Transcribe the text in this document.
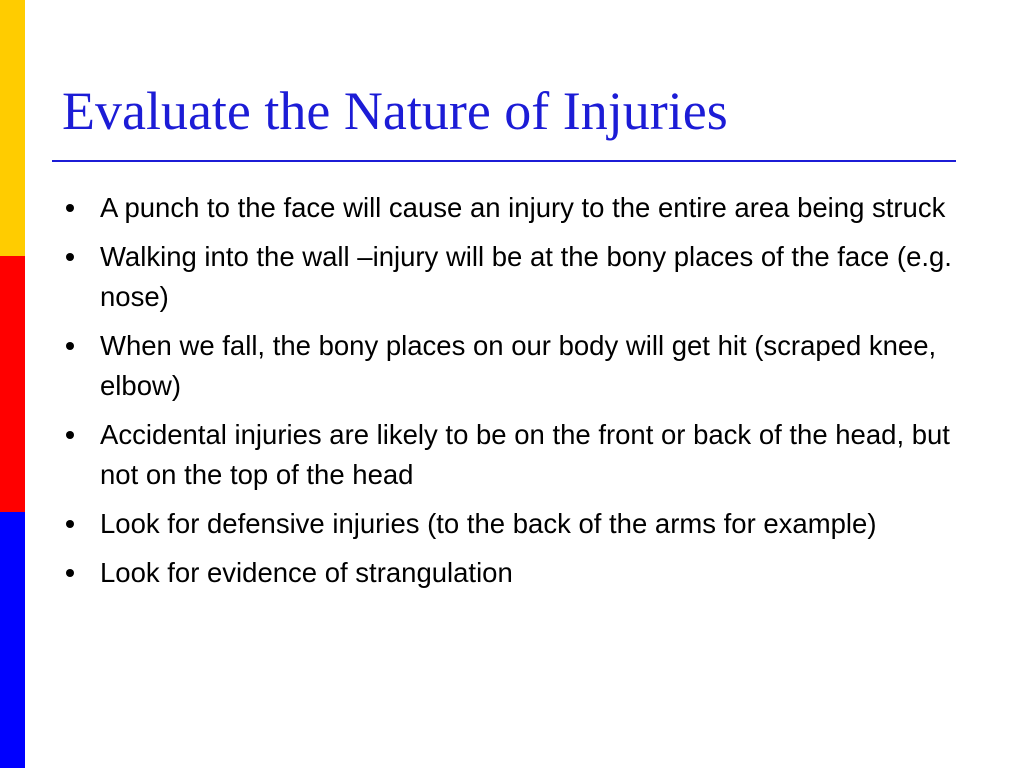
Evaluate the Nature of Injuries
A punch to the face will cause an injury to the entire area being struck
Walking into the wall –injury will be at the bony places of the face (e.g. nose)
When we fall, the bony places on our body will get hit (scraped knee, elbow)
Accidental injuries are likely to be on the front or back of the head, but not on the top of the head
Look for defensive injuries (to the back of the arms for example)
Look for evidence of strangulation
